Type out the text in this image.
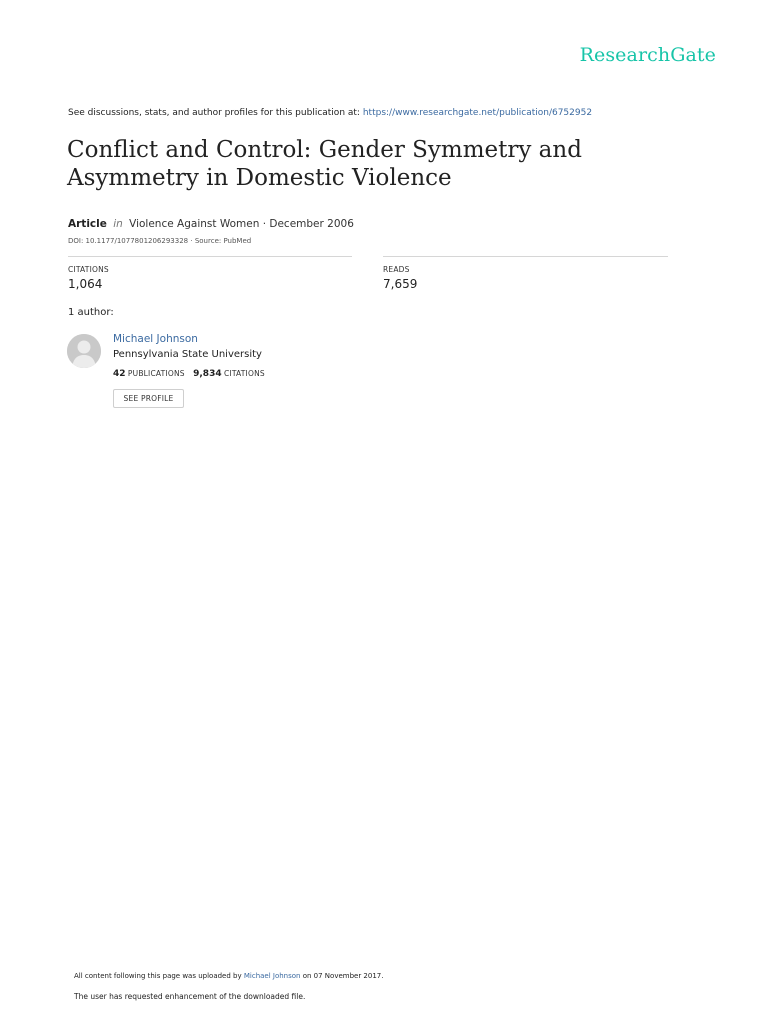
ResearchGate
See discussions, stats, and author profiles for this publication at: https://www.researchgate.net/publication/6752952
Conflict and Control: Gender Symmetry and Asymmetry in Domestic Violence
Article in Violence Against Women · December 2006
DOI: 10.1177/1077801206293328 · Source: PubMed
CITATIONS
1,064
READS
7,659
1 author:
Michael Johnson
Pennsylvania State University
42 PUBLICATIONS 9,834 CITATIONS
SEE PROFILE
All content following this page was uploaded by Michael Johnson on 07 November 2017.
The user has requested enhancement of the downloaded file.
